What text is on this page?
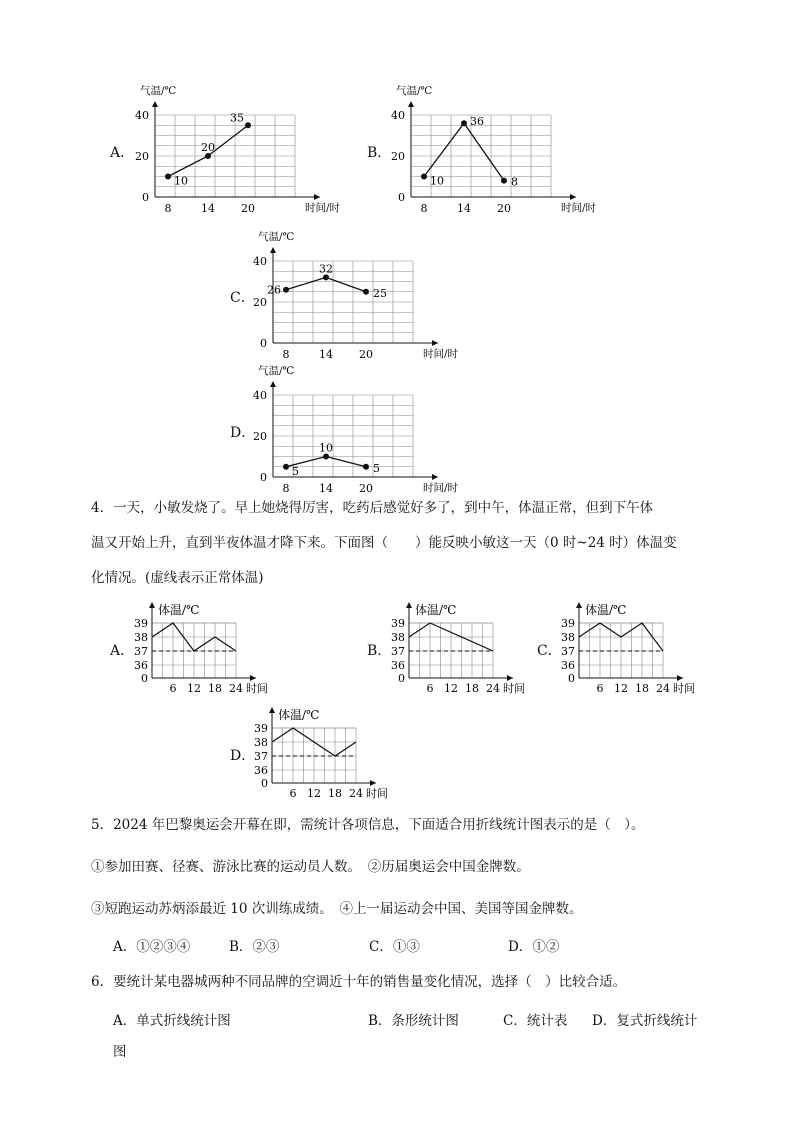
A．
气温/℃
时间/时
0
20
40
8	14 20
10
20
35
B．
气温/℃
时间/时
0
20
40
8	14 20
10
36
8
C．
气温/℃
时间/时
0
20
40
8	14 20
26
32
25
D．
气温/℃
时间/时
0
20
40
8	14 20
5
10
5
4．一天，小敏发烧了。早上她烧得厉害，吃药后感觉好多了，到中午，体温正常，但到下午体
温又开始上升，直到半夜体温才降下来。下面图（　　）能反映小敏这一天（0 时~24 时）体温变
化情况。(虚线表示正常体温)
A．
体温/℃
时间
0
36
37
38
39
6 12 18 24
B．
体温/℃
时间
0
36
37
38
39
6 12 18 24
C．
体温/℃
时间
0
36
37
38
39
6 12 18 24
D．
体温/℃
时间
0
36
37
38
39
6 12 18 24
5．2024 年巴黎奥运会开幕在即，需统计各项信息，下面适合用折线统计图表示的是（　）。
①参加田赛、径赛、游泳比赛的运动员人数。　②历届奥运会中国金牌数。
③短跑运动苏炳添最近 10 次训练成绩。　④上一届运动会中国、美国等国金牌数。
A．①②③④	B．②③	C．①③	D．①②
6．要统计某电器城两种不同品牌的空调近十年的销售量变化情况，选择（　）比较合适。
A．单式折线统计图	B．条形统计图	C．统计表 D．复式折线统计
图
